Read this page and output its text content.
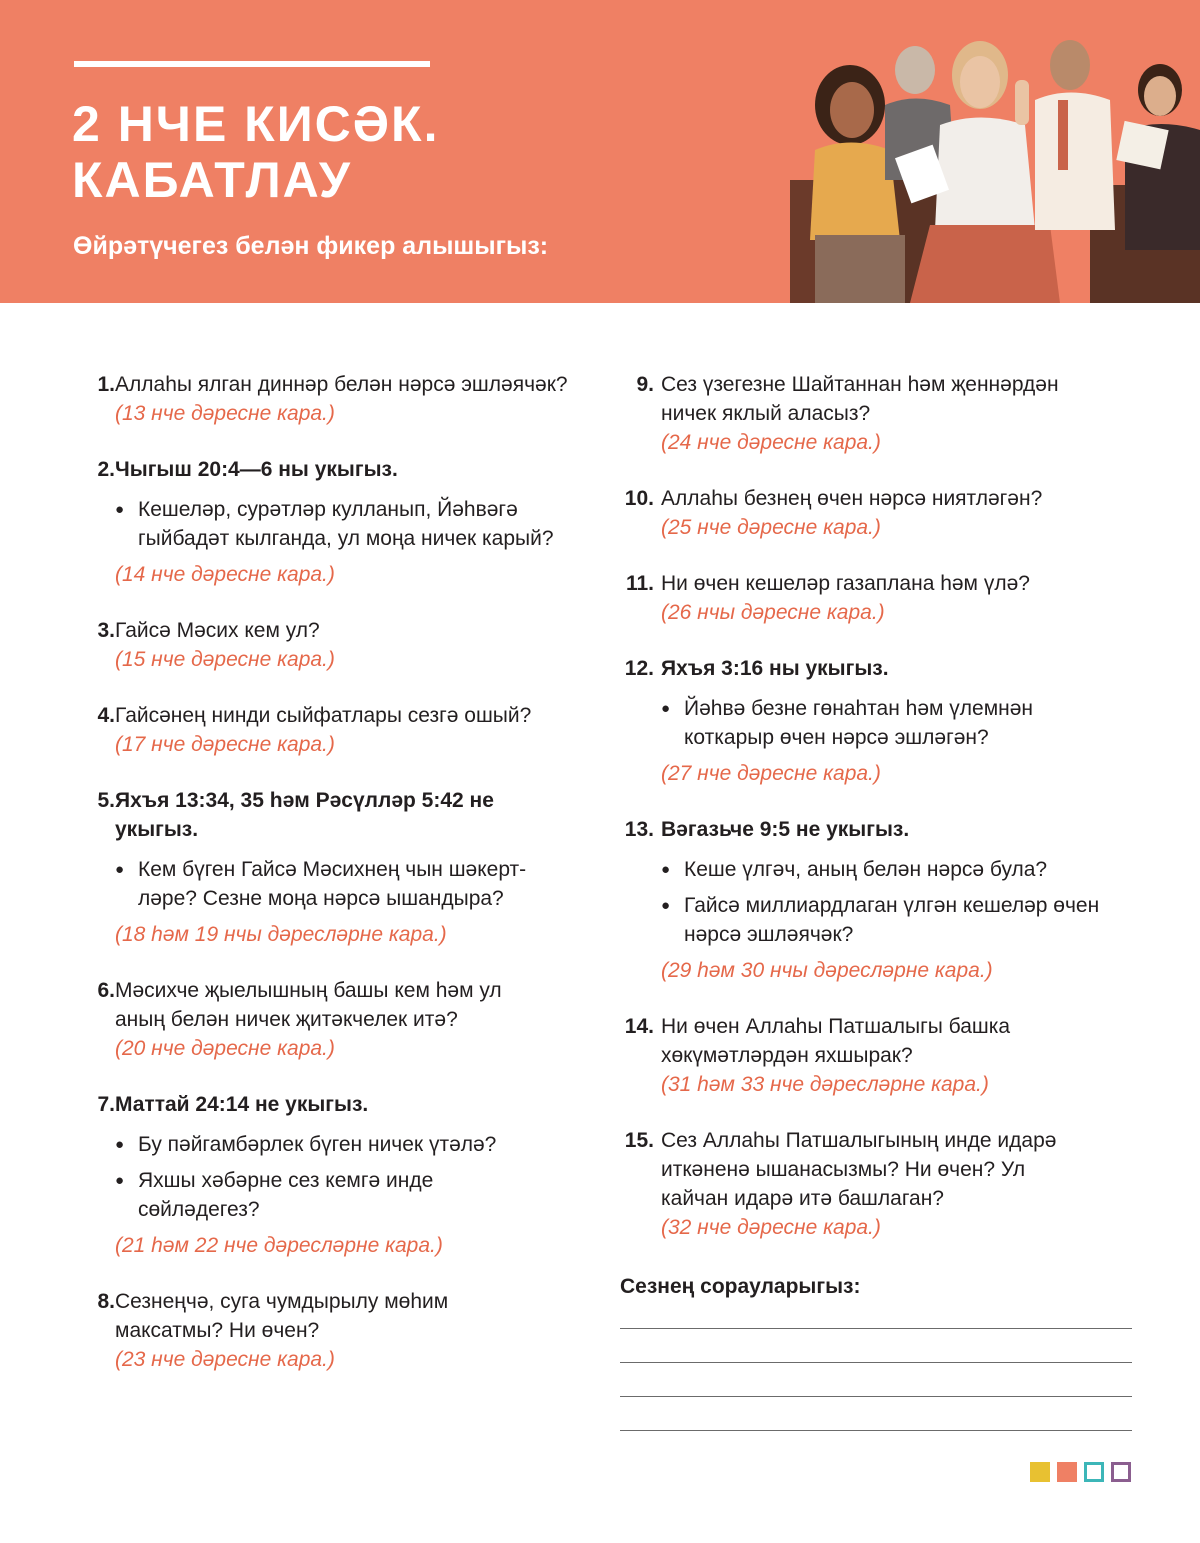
2 НЧЕ КИСӘК.
КАБАТЛАУ
Өйрәтүчегез белән фикер алышыгыз:
1. Аллаһы ялган диннәр белән нәрсә эшләячәк?
(13 нче дәресне кара.)
2. Чыгыш 20:4—6 ны укыгыз.
● Кешеләр, сурәтләр кулланып, Йәһвәгә гыйбадәт кылганда, ул моңа ничек карый?
(14 нче дәресне кара.)
3. Гайсә Мәсих кем ул?
(15 нче дәресне кара.)
4. Гайсәнең нинди сыйфатлары сезгә ошый?
(17 нче дәресне кара.)
5. Яхъя 13:34, 35 һәм Рәсүлләр 5:42 не укыгыз.
● Кем бүген Гайсә Мәсихнең чын шәкерт-ләре? Сезне моңа нәрсә ышандыра?
(18 һәм 19 нчы дәресләрне кара.)
6. Мәсихче җыелышның башы кем һәм ул аның белән ничек җитәкчелек итә?
(20 нче дәресне кара.)
7. Маттай 24:14 не укыгыз.
● Бу пәйгамбәрлек бүген ничек үтәлә?
● Яхшы хәбәрне сез кемгә инде сөйләдегез?
(21 һәм 22 нче дәресләрне кара.)
8. Сезнеңчә, суга чумдырылу мөһим максатмы? Ни өчен?
(23 нче дәресне кара.)
9. Сез үзегезне Шайтаннан һәм җеннәрдән ничек яклый аласыз?
(24 нче дәресне кара.)
10. Аллаһы безнең өчен нәрсә ниятләгән?
(25 нче дәресне кара.)
11. Ни өчен кешеләр газаплана һәм үлә?
(26 нчы дәресне кара.)
12. Яхъя 3:16 ны укыгыз.
● Йәһвә безне гөнаһтан һәм үлемнән коткарыр өчен нәрсә эшләгән?
(27 нче дәресне кара.)
13. Вәгазьче 9:5 не укыгыз.
● Кеше үлгәч, аның белән нәрсә була?
● Гайсә миллиардлаган үлгән кешеләр өчен нәрсә эшләячәк?
(29 һәм 30 нчы дәресләрне кара.)
14. Ни өчен Аллаһы Патшалыгы башка хөкүмәтләрдән яхшырак?
(31 һәм 33 нче дәресләрне кара.)
15. Сез Аллаһы Патшалыгының инде идарә иткәненә ышанасызмы? Ни өчен? Ул кайчан идарә итә башлаган?
(32 нче дәресне кара.)
Сезнең сорауларыгыз:
